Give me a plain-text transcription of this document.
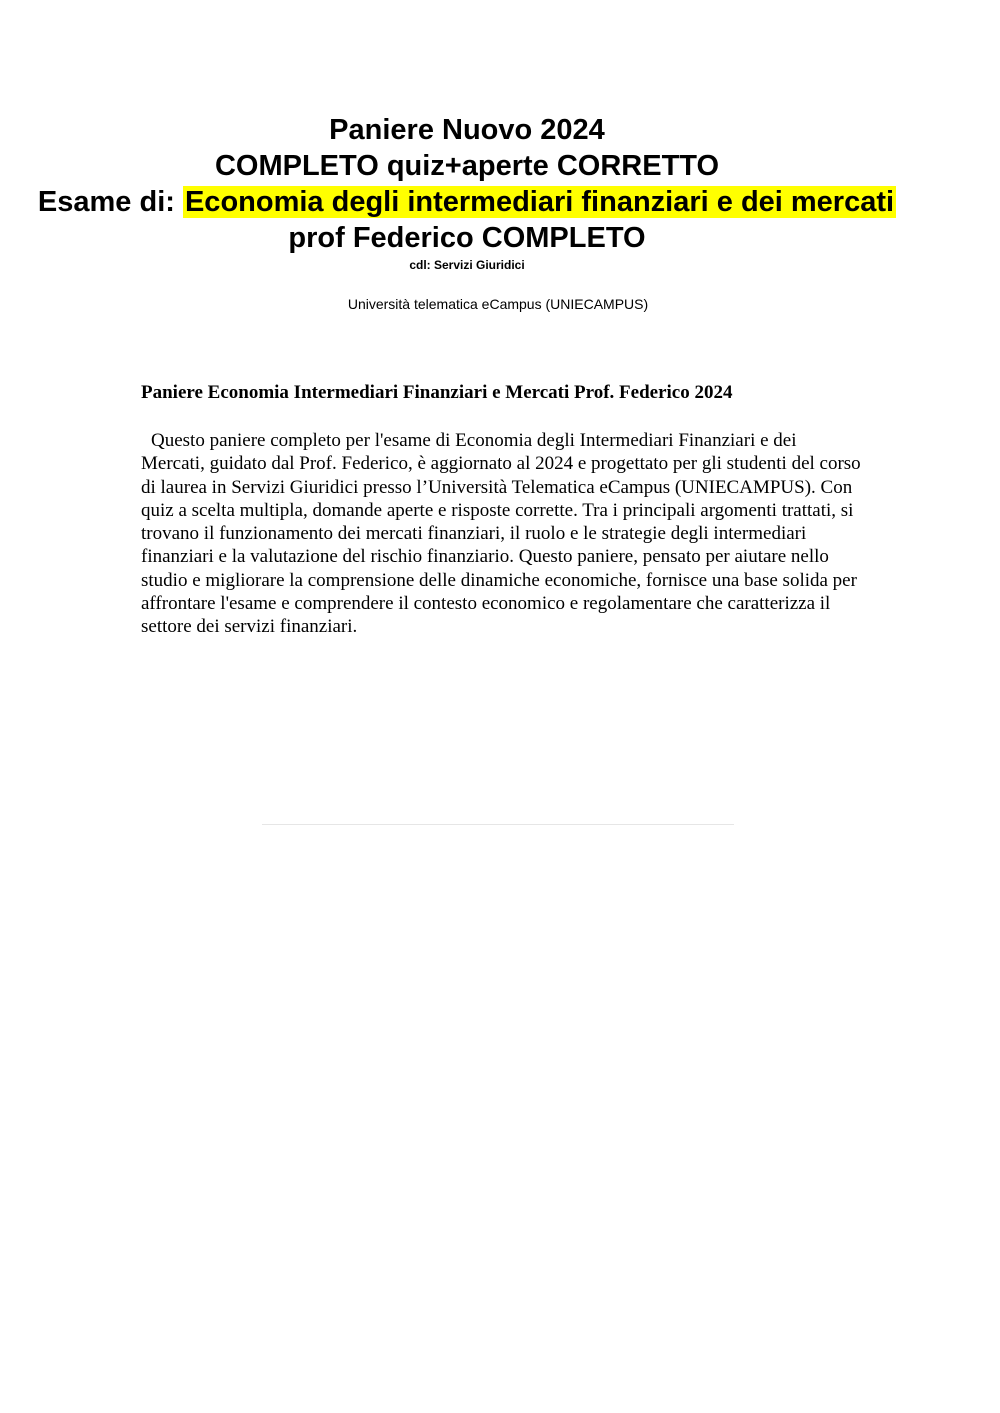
Paniere Nuovo 2024
COMPLETO quiz+aperte CORRETTO
Esame di: Economia degli intermediari finanziari e dei mercati
prof Federico COMPLETO
cdl: Servizi Giuridici
Università telematica eCampus (UNIECAMPUS)

Paniere Economia Intermediari Finanziari e Mercati Prof. Federico 2024

Questo paniere completo per l'esame di Economia degli Intermediari Finanziari e dei Mercati, guidato dal Prof. Federico, è aggiornato al 2024 e progettato per gli studenti del corso di laurea in Servizi Giuridici presso l’Università Telematica eCampus (UNIECAMPUS). Con quiz a scelta multipla, domande aperte e risposte corrette. Tra i principali argomenti trattati, si trovano il funzionamento dei mercati finanziari, il ruolo e le strategie degli intermediari finanziari e la valutazione del rischio finanziario. Questo paniere, pensato per aiutare nello studio e migliorare la comprensione delle dinamiche economiche, fornisce una base solida per affrontare l'esame e comprendere il contesto economico e regolamentare che caratterizza il settore dei servizi finanziari.
